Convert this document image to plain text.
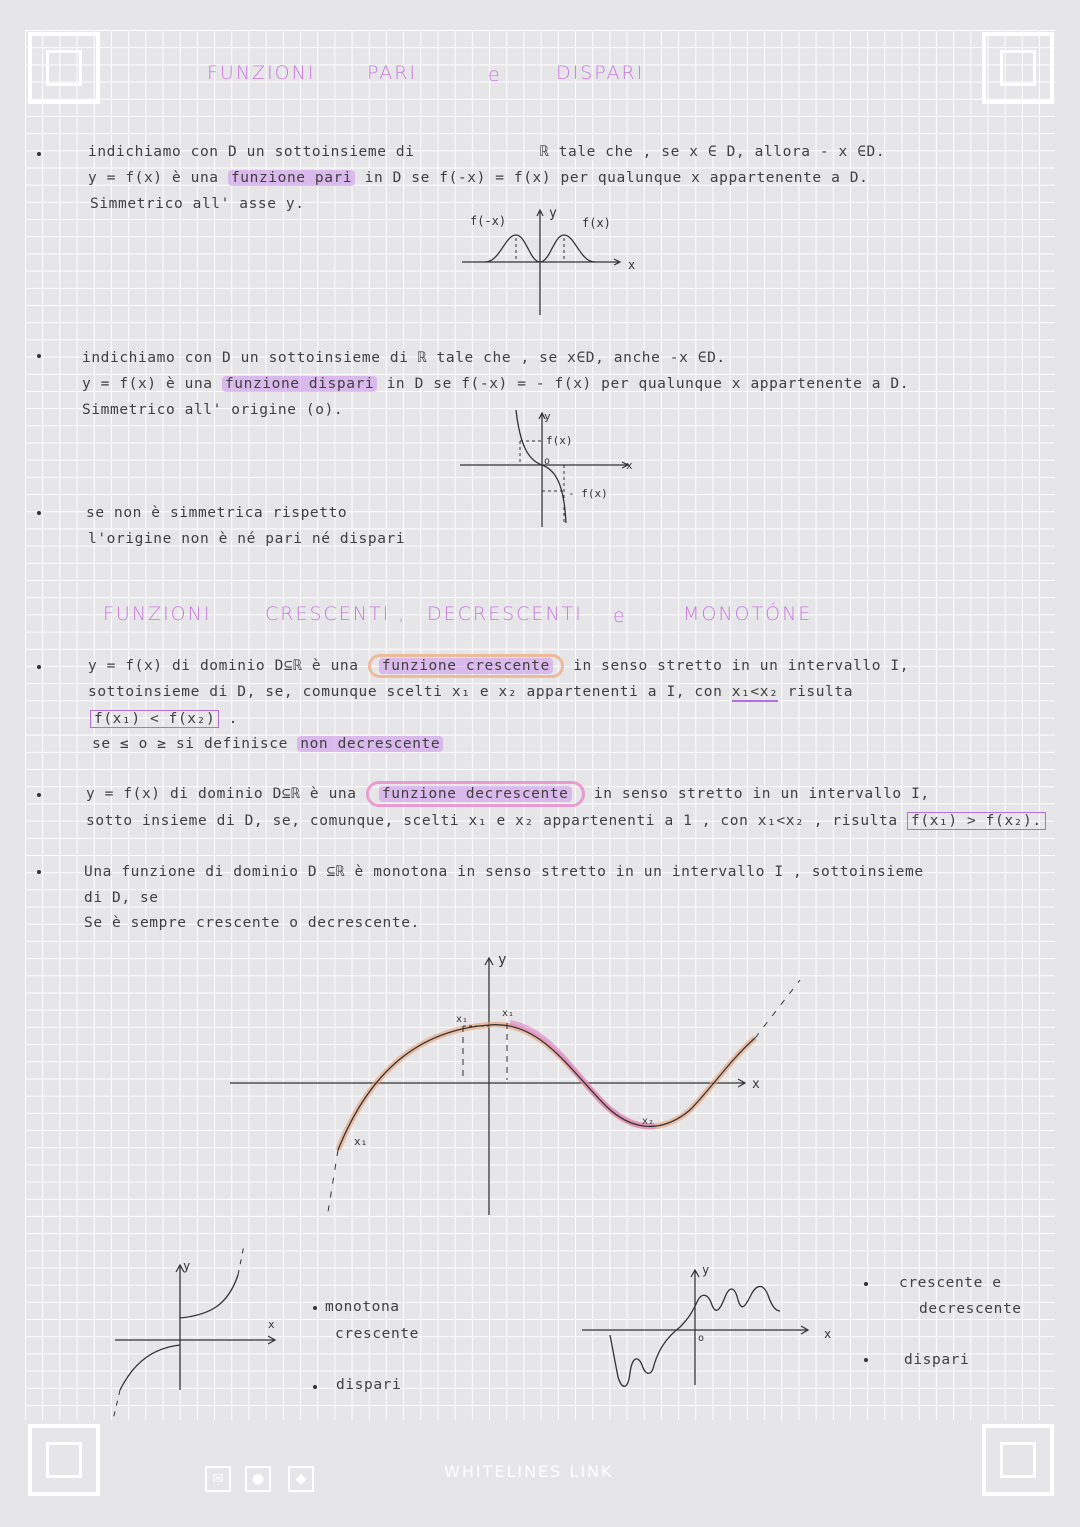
FUNZIONI	PARI	e	DISPARI
indichiamo con D un sottoinsieme di	ℝ tale che , se x ∈ D, allora - x ∈D.
y = f(x) è una funzione pari in D se f(-x) = f(x) per qualunque x appartenente a D.
Simmetrico all' asse y.
f(-x)	y
f(x)
x
indichiamo con D un sottoinsieme di ℝ tale che , se x∈D, anche -x ∈D.
y = f(x) è una funzione dispari in D se f(-x) = - f(x) per qualunque x appartenente a D.
Simmetrico all' origine (o).	y
f(x)
o	x
- f(x)
se non è simmetrica rispetto
l'origine non è né pari né dispari
FUNZIONI	CRESCENTI , DECRESCENTI e	MONOTÓNE
y = f(x) di dominio D⊆ℝ è una funzione crescente in senso stretto in un intervallo I,
sottoinsieme di D, se, comunque scelti x₁ e x₂ appartenenti a I, con x₁<x₂ risulta
f(x₁) < f(x₂) .
se ≤ o ≥ si definisce non decrescente
y = f(x) di dominio D⊆ℝ è una funzione decrescente in senso stretto in un intervallo I,
sotto insieme di D, se, comunque, scelti x₁ e x₂ appartenenti a 1 , con x₁<x₂ , risulta f(x₁) > f(x₂).
Una funzione di dominio D ⊆ℝ è monotona in senso stretto in un intervallo I , sottoinsieme
di D, se
Se è sempre crescente o decrescente.
y
x
x₁
x₁
x₁
x₂
y
x
monotona
crescente
dispari
y
o	x
crescente e
decrescente
dispari
✉	●	◆	WHITELINES LINK
